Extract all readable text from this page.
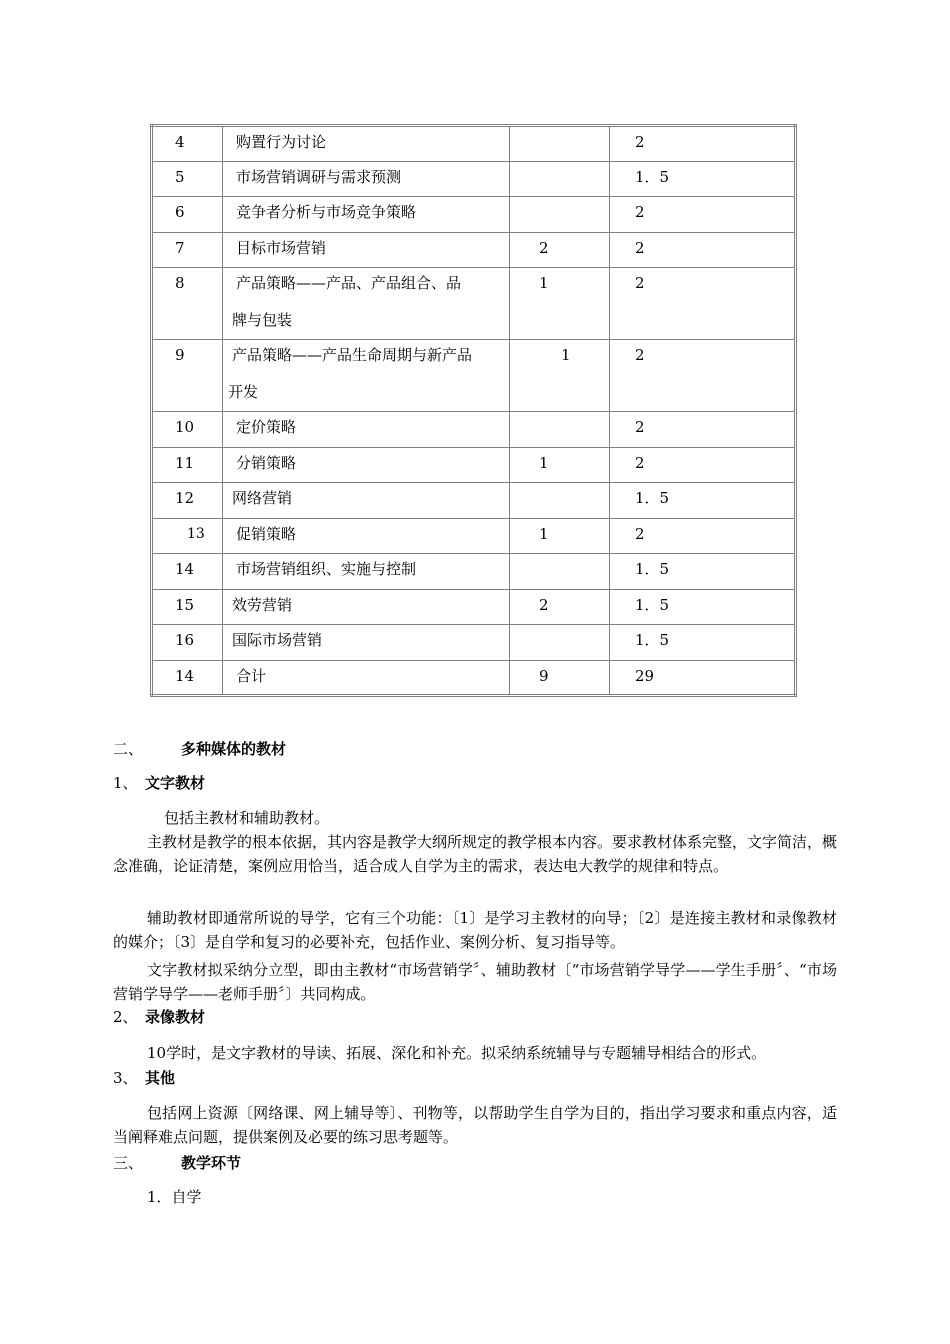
4	购置行为讨论		2
5	市场营销调研与需求预测		1．5
6	竞争者分析与市场竞争策略		2
7	目标市场营销	2	2
8	产品策略——产品、产品组合、品
牌与包装	1	2
9	产品策略——产品生命周期与新产品
开发	1	2
10	定价策略		2
11	分销策略	1	2
12	网络营销		1．5
13	促销策略	1	2
14	市场营销组织、实施与控制		1．5
15	效劳营销	2	1．5
16	国际市场营销		1．5
14	合计	9	29
二、	多种媒体的教材
1、 文字教材
包括主教材和辅助教材。
主教材是教学的根本依据，其内容是教学大纲所规定的教学根本内容。要求教材体系完整，文字简洁，概念准确，论证清楚，案例应用恰当，适合成人自学为主的需求，表达电大教学的规律和特点。
辅助教材即通常所说的导学，它有三个功能：〔1〕是学习主教材的向导；〔2〕是连接主教材和录像教材的媒介；〔3〕是自学和复习的必要补充，包括作业、案例分析、复习指导等。
文字教材拟采纳分立型，即由主教材“市场营销学〞、辅助教材〔“市场营销学导学——学生手册〞、“市场营销学导学——老师手册〞〕共同构成。
2、 录像教材
10学时，是文字教材的导读、拓展、深化和补充。拟采纳系统辅导与专题辅导相结合的形式。
3、 其他
包括网上资源〔网络课、网上辅导等〕、刊物等，以帮助学生自学为目的，指出学习要求和重点内容，适当阐释难点问题，提供案例及必要的练习思考题等。
三、	教学环节
1．自学
